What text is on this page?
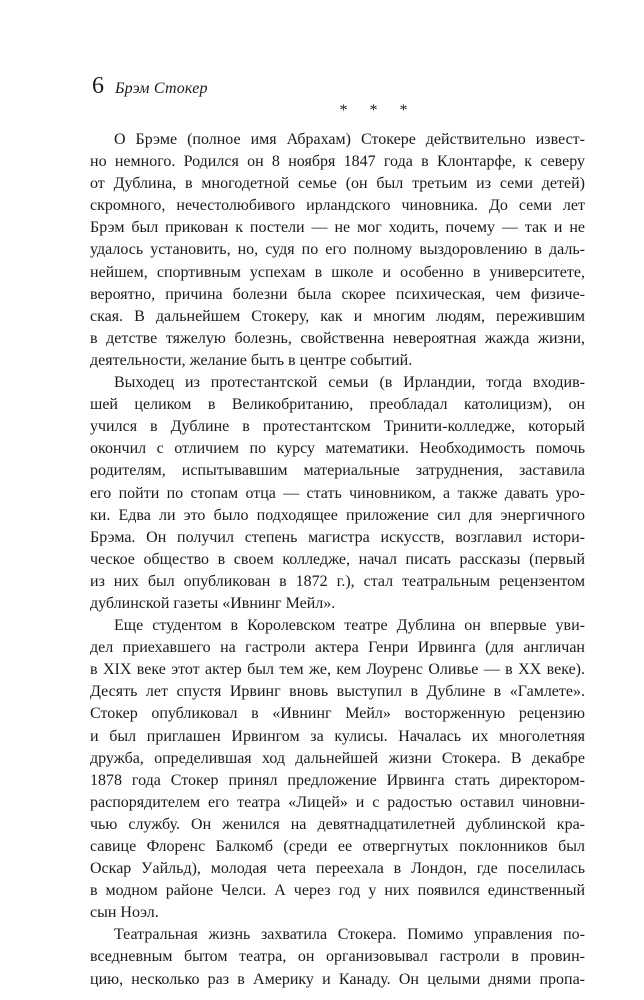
6 Брэм Стокер
* * *
О Брэме (полное имя Абрахам) Стокере действительно извест-
но немного. Родился он 8 ноября 1847 года в Клонтарфе, к северу
от Дублина, в многодетной семье (он был третьим из семи детей)
скромного, нечестолюбивого ирландского чиновника. До семи лет
Брэм был прикован к постели — не мог ходить, почему — так и не
удалось установить, но, судя по его полному выздоровлению в даль-
нейшем, спортивным успехам в школе и особенно в университете,
вероятно, причина болезни была скорее психическая, чем физиче-
ская. В дальнейшем Стокеру, как и многим людям, пережившим
в детстве тяжелую болезнь, свойственна невероятная жажда жизни,
деятельности, желание быть в центре событий.
Выходец из протестантской семьи (в Ирландии, тогда входив-
шей целиком в Великобританию, преобладал католицизм), он
учился в Дублине в протестантском Тринити-колледже, который
окончил с отличием по курсу математики. Необходимость помочь
родителям, испытывавшим материальные затруднения, заставила
его пойти по стопам отца — стать чиновником, а также давать уро-
ки. Едва ли это было подходящее приложение сил для энергичного
Брэма. Он получил степень магистра искусств, возглавил истори-
ческое общество в своем колледже, начал писать рассказы (первый
из них был опубликован в 1872 г.), стал театральным рецензентом
дублинской газеты «Ивнинг Мейл».
Еще студентом в Королевском театре Дублина он впервые уви-
дел приехавшего на гастроли актера Генри Ирвинга (для англичан
в XIX веке этот актер был тем же, кем Лоуренс Оливье — в XX веке).
Десять лет спустя Ирвинг вновь выступил в Дублине в «Гамлете».
Стокер опубликовал в «Ивнинг Мейл» восторженную рецензию
и был приглашен Ирвингом за кулисы. Началась их многолетняя
дружба, определившая ход дальнейшей жизни Стокера. В декабре
1878 года Стокер принял предложение Ирвинга стать директором-
распорядителем его театра «Лицей» и с радостью оставил чиновни-
чью службу. Он женился на девятнадцатилетней дублинской кра-
савице Флоренс Балкомб (среди ее отвергнутых поклонников был
Оскар Уайльд), молодая чета переехала в Лондон, где поселилась
в модном районе Челси. А через год у них появился единственный
сын Ноэл.
Театральная жизнь захватила Стокера. Помимо управления по-
вседневным бытом театра, он организовывал гастроли в провин-
цию, несколько раз в Америку и Канаду. Он целыми днями пропа-
